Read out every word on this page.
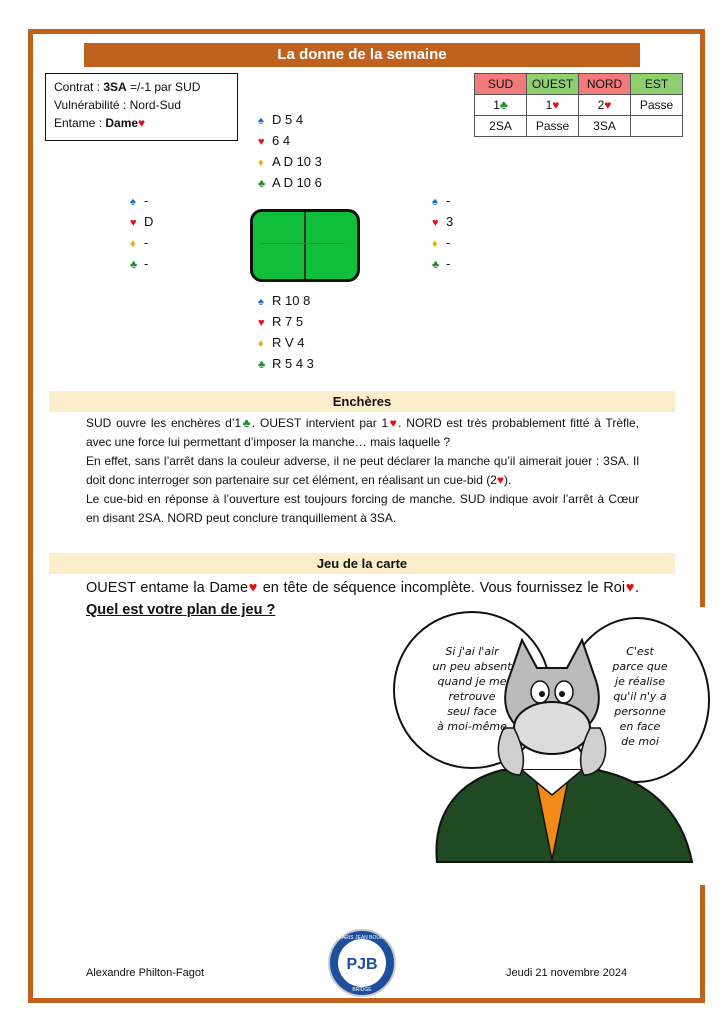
La donne de la semaine
Contrat : 3SA =/-1 par SUD
Vulnérabilité : Nord-Sud
Entame : Dame♥
SUD	OUEST	NORD	EST
1♣	1♥	2♥	Passe
2SA	Passe	3SA	
♠ D 5 4
♥ 6 4
♦ A D 10 3
♣ A D 10 6
♠ -
♥ D
♦ -
♣ -
♠ -
♥ 3
♦ -
♣ -
♠ R 10 8
♥ R 7 5
♦ R V 4
♣ R 5 4 3
Enchères

SUD ouvre les enchères d’1♣. OUEST intervient par 1♥. NORD est très probablement fitté à Trèfle, avec une force lui permettant d’imposer la manche… mais laquelle ?

En effet, sans l’arrêt dans la couleur adverse, il ne peut déclarer la manche qu’il aimerait jouer : 3SA. Il doit donc interroger son partenaire sur cet élément, en réalisant un cue-bid (2♥).

Le cue-bid en réponse à l’ouverture est toujours forcing de manche. SUD indique avoir l’arrêt à Cœur en disant 2SA. NORD peut conclure tranquillement à 3SA.

Jeu de la carte
OUEST entame la Dame♥ en tête de séquence incomplète. Vous fournissez le Roi♥. Quel est votre plan de jeu ?
Si j'ai l'air
un peu absent
quand je me
retrouve
seul face
à moi-même
C'est
parce que
je réalise
qu'il n'y a
personne
en face
de moi
Alexandre Philton-Fagot	PJB
PARIS JEAN BOUIN
BRIDGE
Jeudi 21 novembre 2024
